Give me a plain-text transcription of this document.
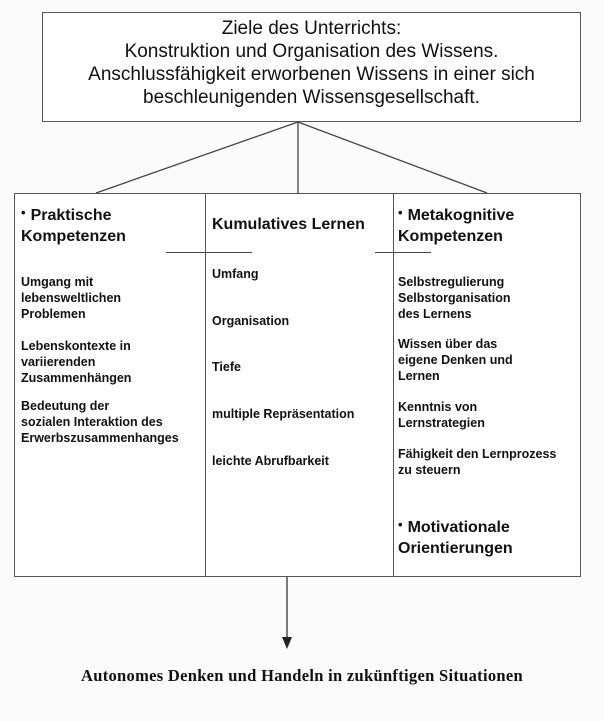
Ziele des Unterrichts:
Konstruktion und Organisation des Wissens.
Anschlussfähigkeit erworbenen Wissens in einer sich
beschleunigenden Wissensgesellschaft.
• Praktische
Kompetenzen
Umgang mit
lebensweltlichen
Problemen
Lebenskontexte in
variierenden
Zusammenhängen
Bedeutung der
sozialen Interaktion des
Erwerbszusammenhanges
Kumulatives Lernen
Umfang
Organisation
Tiefe
multiple Repräsentation
leichte Abrufbarkeit
• Metakognitive
Kompetenzen
Selbstregulierung
Selbstorganisation
des Lernens
Wissen über das
eigene Denken und
Lernen
Kenntnis von
Lernstrategien
Fähigkeit den Lernprozess
zu steuern
• Motivationale
Orientierungen
Autonomes Denken und Handeln in zukünftigen Situationen
